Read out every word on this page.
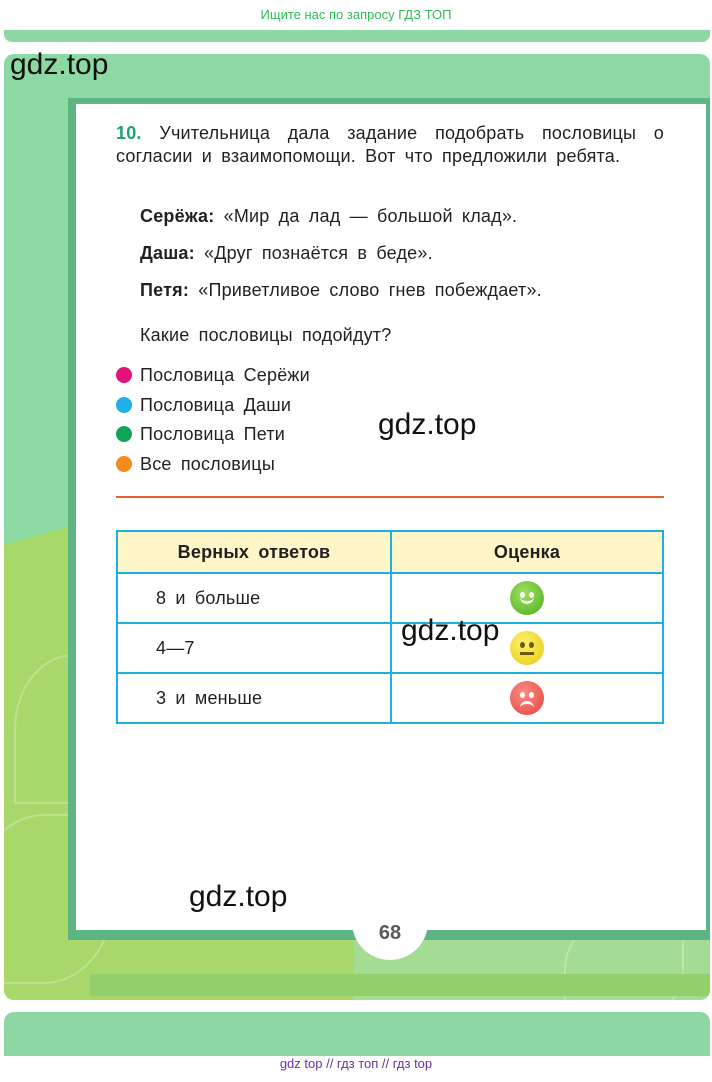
Ищите нас по запросу ГДЗ ТОП
68
gdz.top
gdz.top
gdz.top
gdz.top
10. Учительница дала задание подобрать пословицы о согласии и взаимопомощи. Вот что предложили ребята.
Серёжа: «Мир да лад — большой клад».
Даша: «Друг познаётся в беде».
Петя: «Приветливое слово гнев побеждает».
Какие пословицы подойдут?
Пословица Серёжи
Пословица Даши
Пословица Пети
Все пословицы
Верных ответов	Оценка
8 и больше	

4—7	

3 и меньше	
gdz top // гдз топ // гдз top
